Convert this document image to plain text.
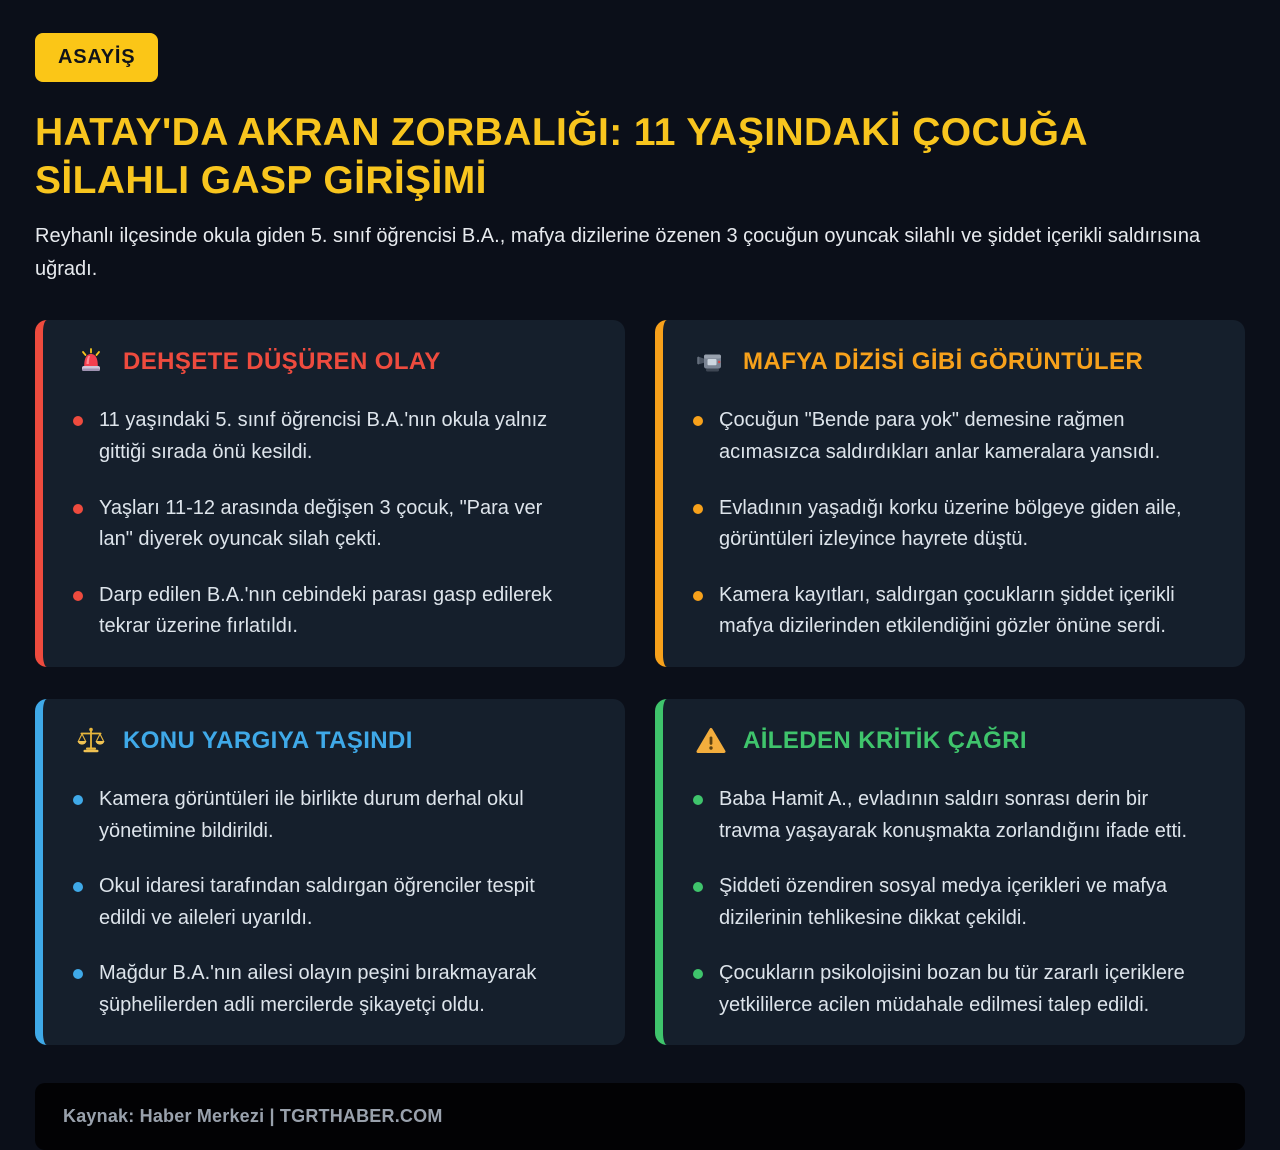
ASAYİŞ
HATAY'DA AKRAN ZORBALIĞI: 11 YAŞINDAKİ ÇOCUĞA SİLAHLI GASP GİRİŞİMİ

Reyhanlı ilçesinde okula giden 5. sınıf öğrencisi B.A., mafya dizilerine özenen 3 çocuğun oyuncak silahlı ve şiddet içerikli saldırısına uğradı.

DEHŞETE DÜŞÜREN OLAY
11 yaşındaki 5. sınıf öğrencisi B.A.'nın okula yalnız gittiği sırada önü kesildi.
Yaşları 11-12 arasında değişen 3 çocuk, "Para ver lan" diyerek oyuncak silah çekti.
Darp edilen B.A.'nın cebindeki parası gasp edilerek tekrar üzerine fırlatıldı.
MAFYA DİZİSİ GİBİ GÖRÜNTÜLER
Çocuğun "Bende para yok" demesine rağmen acımasızca saldırdıkları anlar kameralara yansıdı.
Evladının yaşadığı korku üzerine bölgeye giden aile, görüntüleri izleyince hayrete düştü.
Kamera kayıtları, saldırgan çocukların şiddet içerikli mafya dizilerinden etkilendiğini gözler önüne serdi.
KONU YARGIYA TAŞINDI
Kamera görüntüleri ile birlikte durum derhal okul yönetimine bildirildi.
Okul idaresi tarafından saldırgan öğrenciler tespit edildi ve aileleri uyarıldı.
Mağdur B.A.'nın ailesi olayın peşini bırakmayarak şüphelilerden adli mercilerde şikayetçi oldu.
AİLEDEN KRİTİK ÇAĞRI
Baba Hamit A., evladının saldırı sonrası derin bir travma yaşayarak konuşmakta zorlandığını ifade etti.
Şiddeti özendiren sosyal medya içerikleri ve mafya dizilerinin tehlikesine dikkat çekildi.
Çocukların psikolojisini bozan bu tür zararlı içeriklere yetkililerce acilen müdahale edilmesi talep edildi.
Kaynak: Haber Merkezi | TGRTHABER.COM
